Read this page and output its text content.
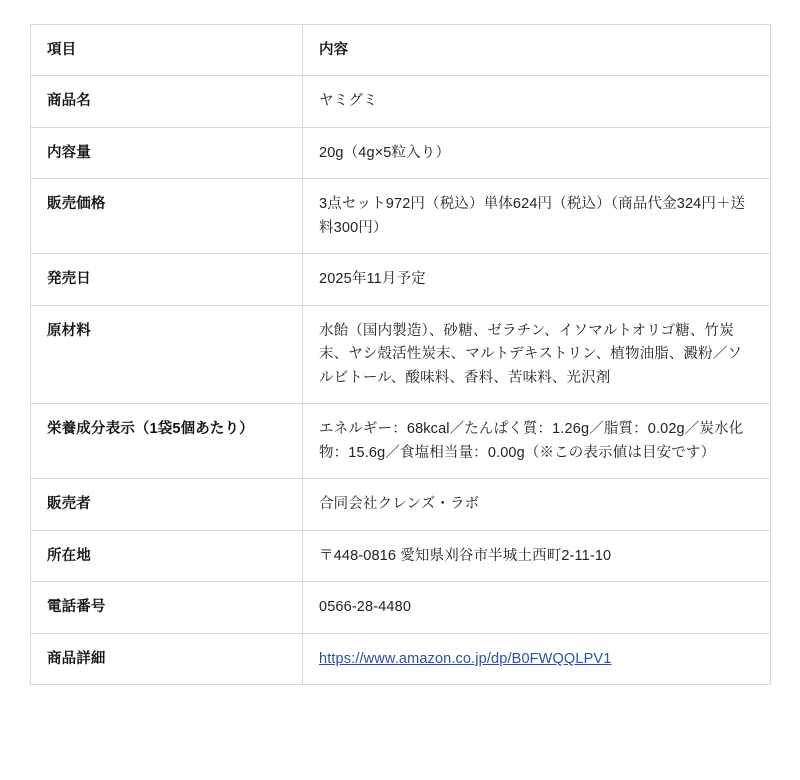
項目	内容
商品名	ヤミグミ
内容量	20g（4g×5粒入り）
販売価格	3点セット972円（税込）単体624円（税込）（商品代金324円＋送料300円）
発売日	2025年11月予定
原材料	水飴（国内製造）、砂糖、ゼラチン、イソマルトオリゴ糖、竹炭末、ヤシ殻活性炭末、マルトデキストリン、植物油脂、澱粉／ソルビトール、酸味料、香料、苦味料、光沢剤
栄養成分表示（1袋5個あたり）	エネルギー：68kcal／たんぱく質：1.26g／脂質：0.02g／炭水化物：15.6g／食塩相当量：0.00g（※この表示値は目安です）
販売者	合同会社クレンズ・ラボ
所在地	〒448-0816 愛知県刈谷市半城土西町2-11-10
電話番号	0566-28-4480
商品詳細	https://www.amazon.co.jp/dp/B0FWQQLPV1
